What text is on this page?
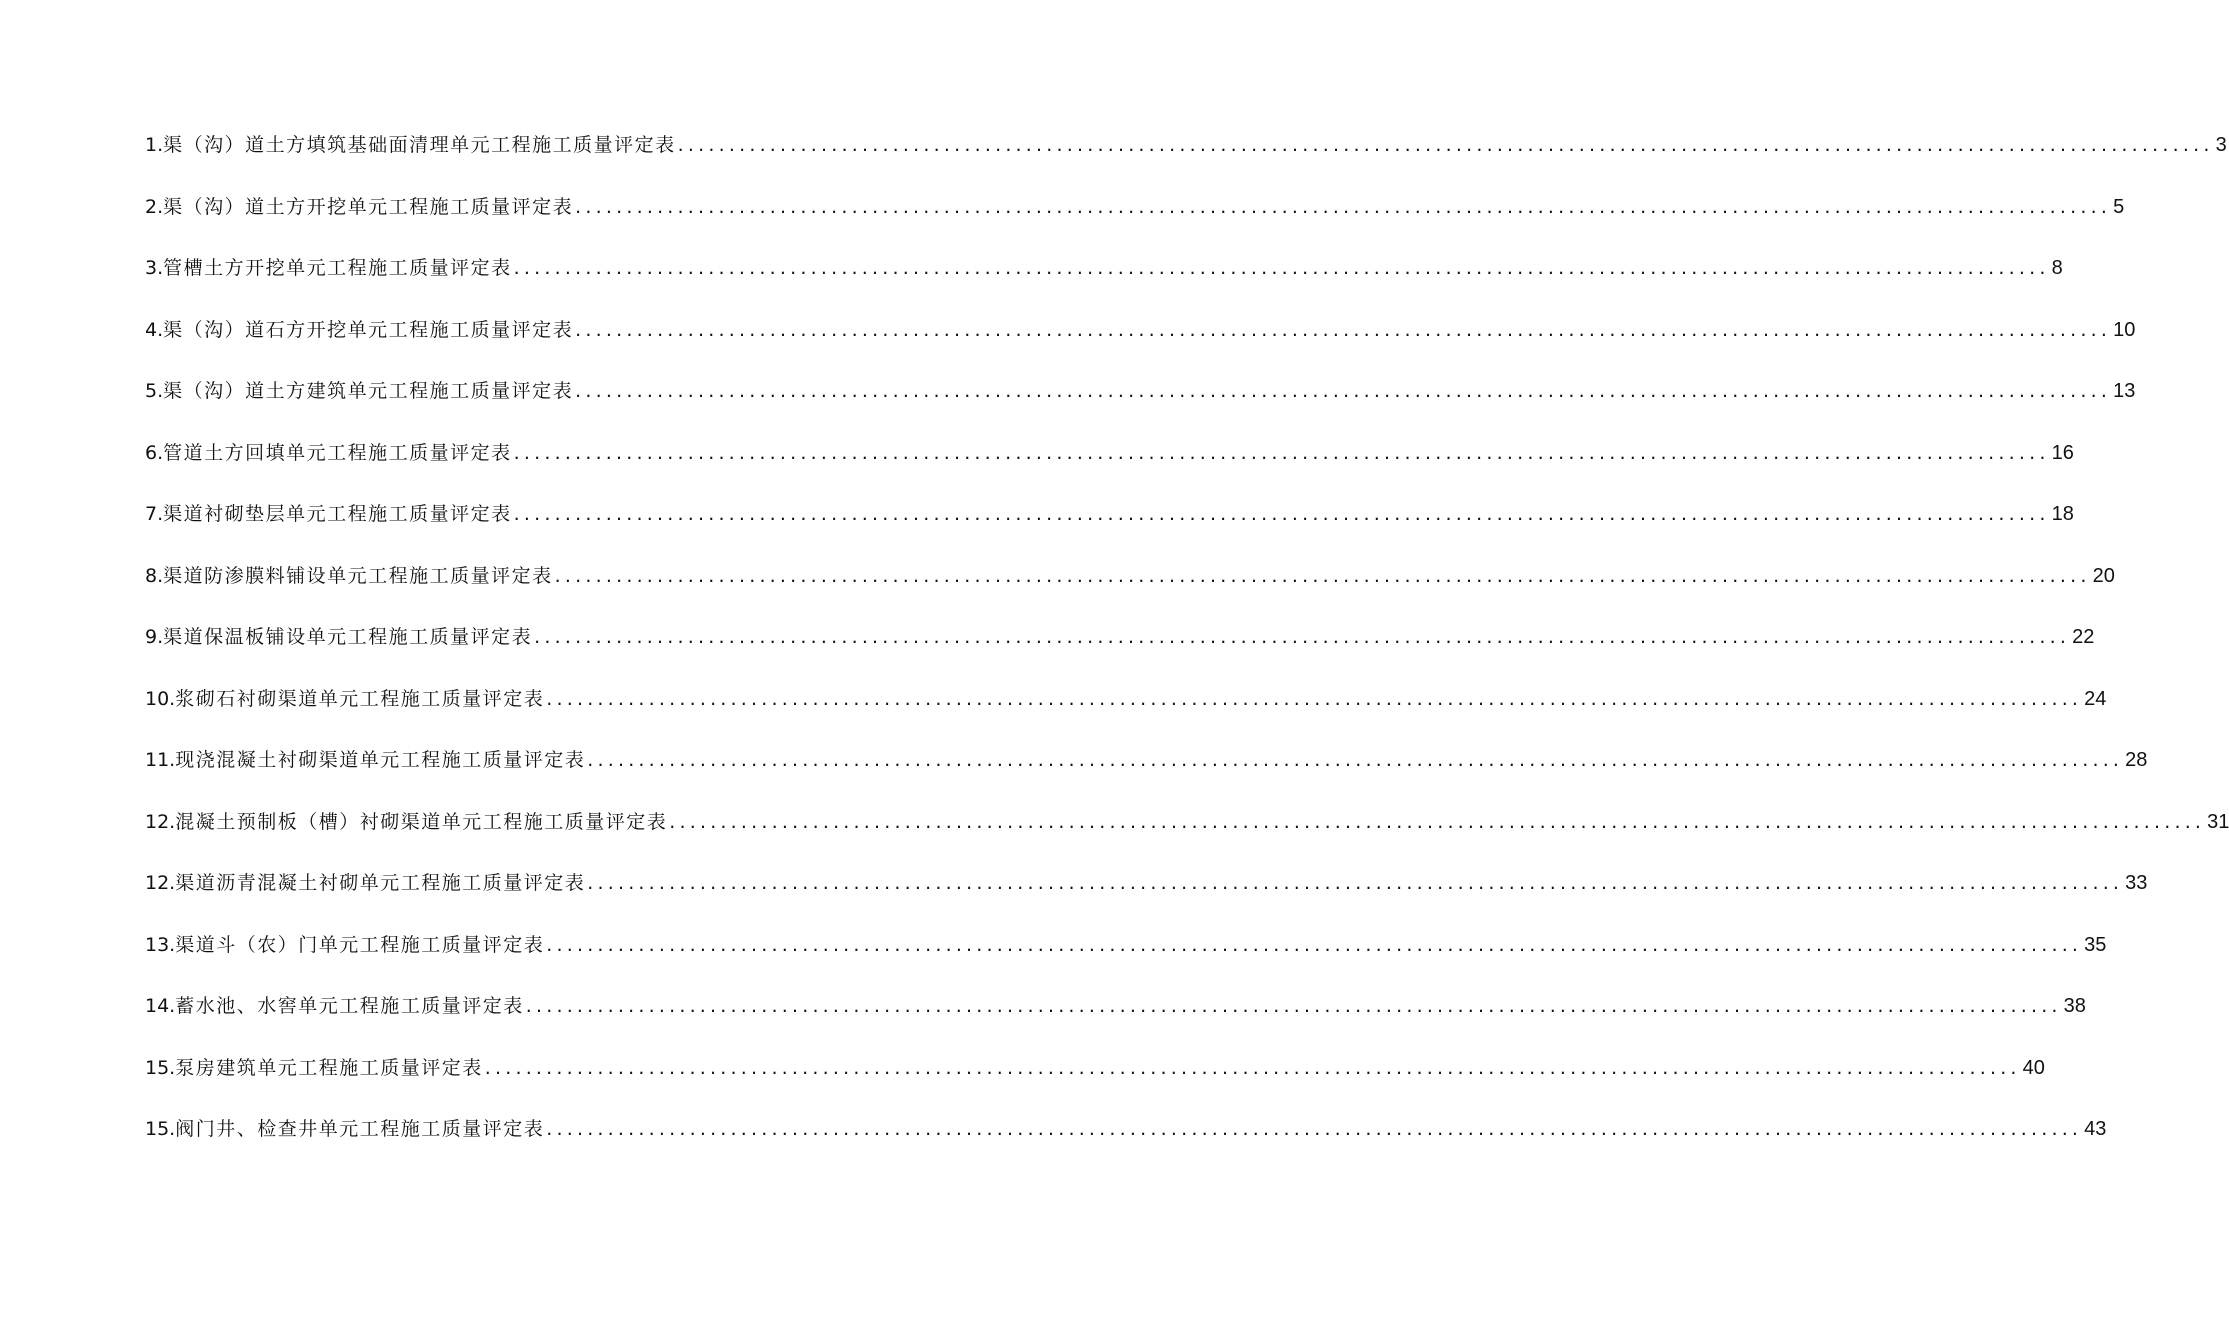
1. 渠（沟）道土方填筑基础面清理单元工程施工质量评定表 .....	3
2. 渠（沟）道土方开挖单元工程施工质量评定表 .....	5
3. 管槽土方开挖单元工程施工质量评定表 .....	8
4. 渠（沟）道石方开挖单元工程施工质量评定表 .....	10
5. 渠（沟）道土方建筑单元工程施工质量评定表 .....	13
6. 管道土方回填单元工程施工质量评定表 .....	16
7. 渠道衬砌垫层单元工程施工质量评定表 .....	18
8. 渠道防渗膜料铺设单元工程施工质量评定表 .....	20
9. 渠道保温板铺设单元工程施工质量评定表 .....	22
10. 浆砌石衬砌渠道单元工程施工质量评定表 .....	24
11. 现浇混凝土衬砌渠道单元工程施工质量评定表 .....	28
12. 混凝土预制板（槽）衬砌渠道单元工程施工质量评定表 .....	31
12. 渠道沥青混凝土衬砌单元工程施工质量评定表 .....	33
13. 渠道斗（农）门单元工程施工质量评定表 .....	35
14. 蓄水池、水窖单元工程施工质量评定表 .....	38
15. 泵房建筑单元工程施工质量评定表 .....	40
15. 阀门井、检查井单元工程施工质量评定表 .....	43
